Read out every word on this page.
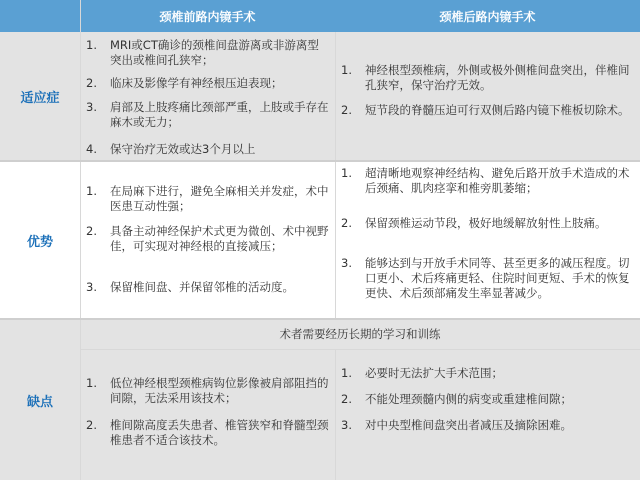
颈椎前路内镜手术	颈椎后路内镜手术
适应症
1. MRI或CT确诊的颈椎间盘游离或非游离型突出或椎间孔狭窄；
2. 临床及影像学有神经根压迫表现；
3. 肩部及上肢疼痛比颈部严重，上肢或手存在麻木或无力；
4. 保守治疗无效或达3个月以上
1. 神经根型颈椎病，外侧或极外侧椎间盘突出，伴椎间孔狭窄，保守治疗无效。
2. 短节段的脊髓压迫可行双侧后路内镜下椎板切除术。
优势
1. 在局麻下进行，避免全麻相关并发症，术中医患互动性强；
2. 具备主动神经保护术式更为微创、术中视野佳，可实现对神经根的直接减压；
3. 保留椎间盘、并保留邻椎的活动度。
1. 超清晰地观察神经结构、避免后路开放手术造成的术后颈痛、肌肉痉挛和椎旁肌萎缩；
2. 保留颈椎运动节段，极好地缓解放射性上肢痛。
3. 能够达到与开放手术同等、甚至更多的减压程度。切口更小、术后疼痛更轻、住院时间更短、手术的恢复更快、术后颈部痛发生率显著减少。
缺点
术者需要经历长期的学习和训练
1. 低位神经根型颈椎病钩位影像被肩部阻挡的间隙，无法采用该技术；
2. 椎间隙高度丢失患者、椎管狭窄和脊髓型颈椎患者不适合该技术。
1. 必要时无法扩大手术范围；
2. 不能处理颈髓内侧的病变或重建椎间隙；
3. 对中央型椎间盘突出者减压及摘除困难。
